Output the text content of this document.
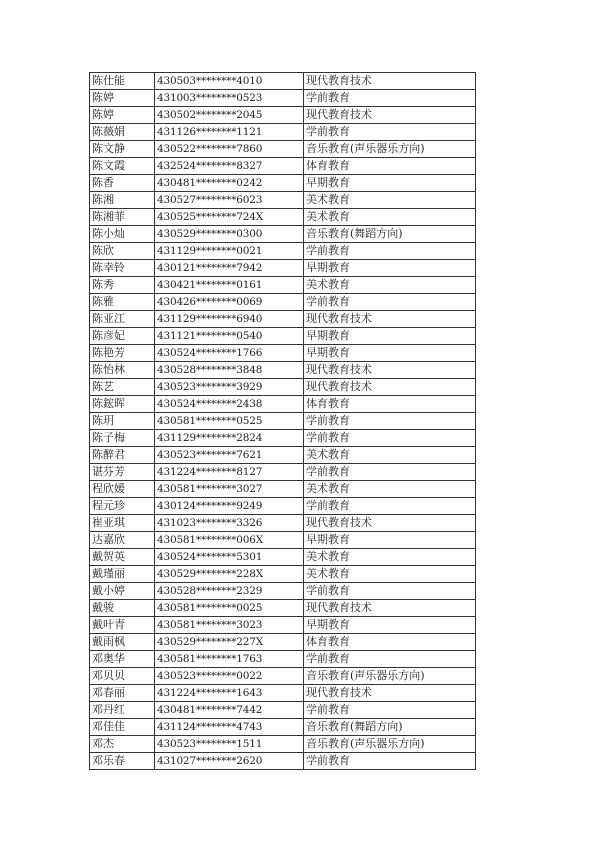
陈仕能	430503********4010	现代教育技术
陈婷	431003********0523	学前教育
陈婷	430502********2045	现代教育技术
陈薇娟	431126********1121	学前教育
陈文静	430522********7860	音乐教育(声乐器乐方向)
陈文霞	432524********8327	体育教育
陈香	430481********0242	早期教育
陈湘	430527********6023	美术教育
陈湘菲	430525********724X	美术教育
陈小灿	430529********0300	音乐教育(舞蹈方向)
陈欣	431129********0021	学前教育
陈幸铃	430121********7942	早期教育
陈秀	430421********0161	美术教育
陈雅	430426********0069	学前教育
陈亚江	431129********6940	现代教育技术
陈彦妃	431121********0540	早期教育
陈艳芳	430524********1766	早期教育
陈怡林	430528********3848	现代教育技术
陈艺	430523********3929	现代教育技术
陈鋐晖	430524********2438	体育教育
陈玥	430581********0525	学前教育
陈子梅	431129********2824	学前教育
陈醉君	430523********7621	美术教育
谌芬芳	431224********8127	学前教育
程欣媛	430581********3027	美术教育
程元珍	430124********9249	学前教育
崔亚琪	431023********3326	现代教育技术
达嘉欣	430581********006X	早期教育
戴贺英	430524********5301	美术教育
戴瑾丽	430529********228X	美术教育
戴小婷	430528********2329	学前教育
戴骏	430581********0025	现代教育技术
戴叶青	430581********3023	早期教育
戴雨枫	430529********227X	体育教育
邓奥华	430581********1763	学前教育
邓贝贝	430523********0022	音乐教育(声乐器乐方向)
邓春丽	431224********1643	现代教育技术
邓丹红	430481********7442	学前教育
邓佳佳	431124********4743	音乐教育(舞蹈方向)
邓杰	430523********1511	音乐教育(声乐器乐方向)
邓乐春	431027********2620	学前教育
